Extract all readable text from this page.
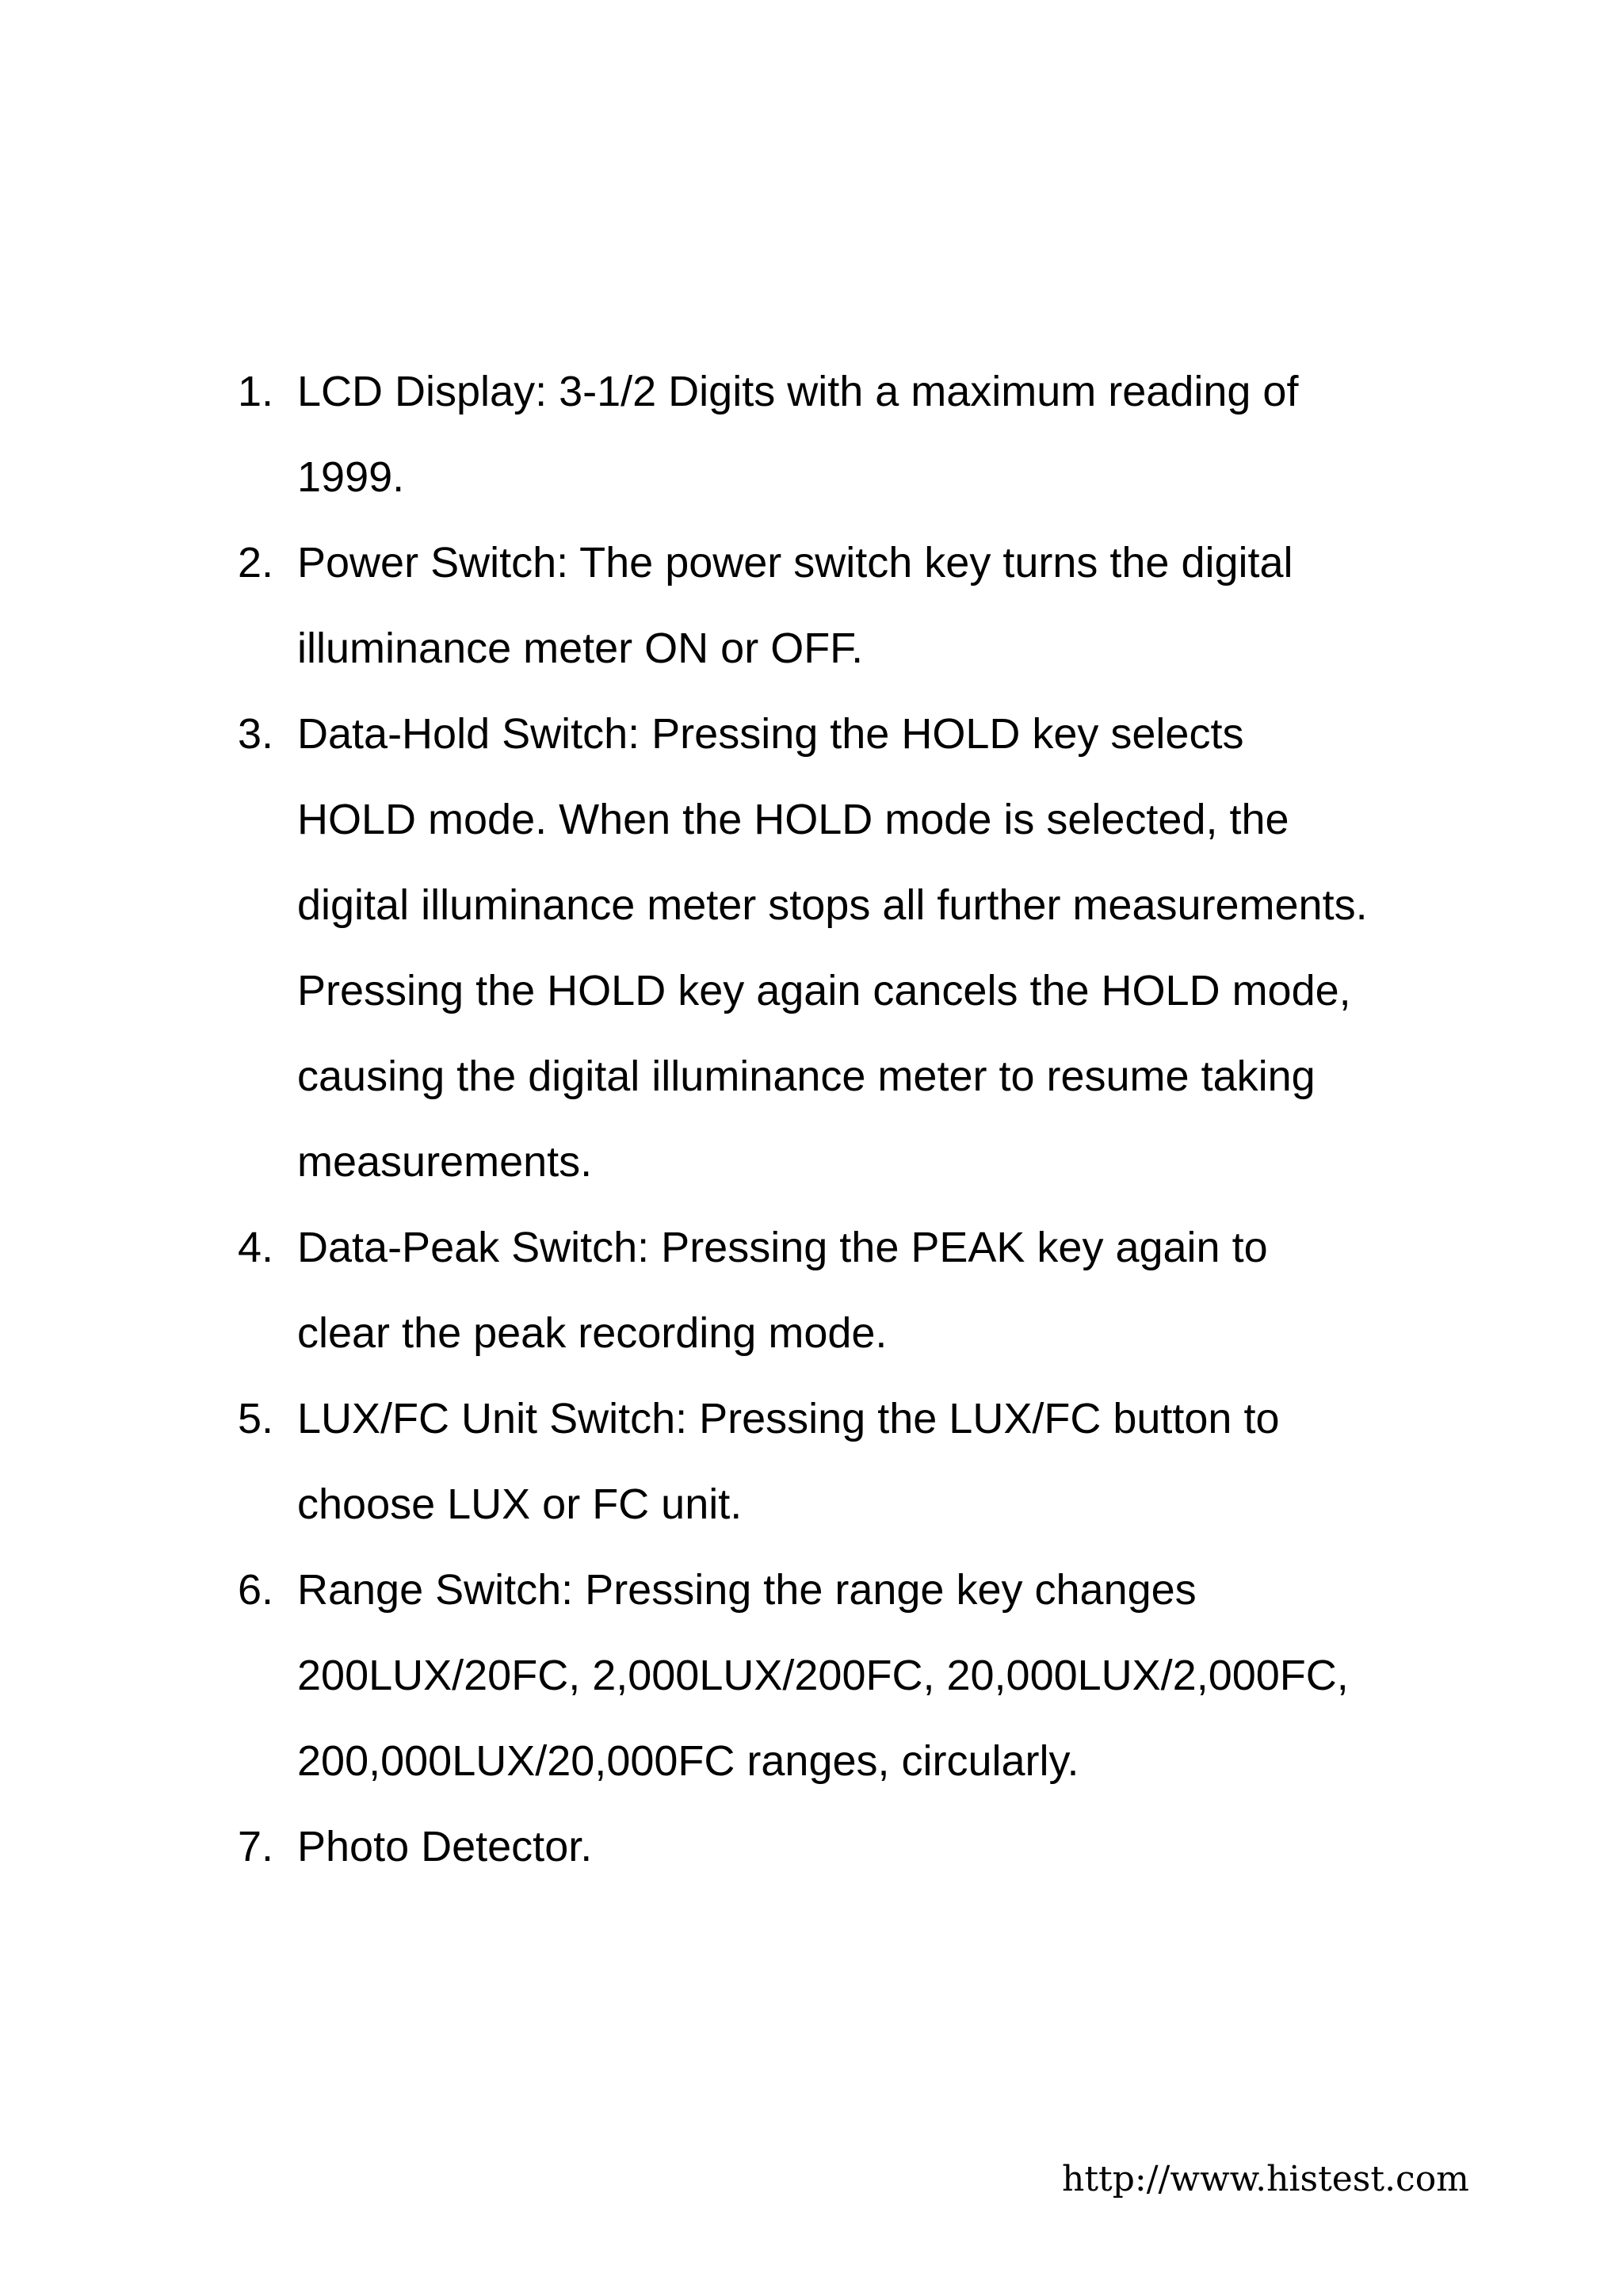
1. LCD Display: 3-1/2 Digits with a maximum reading of
1999.
2. Power Switch: The power switch key turns the digital
illuminance meter ON or OFF.
3. Data-Hold Switch: Pressing the HOLD key selects
HOLD mode. When the HOLD mode is selected, the
digital illuminance meter stops all further measurements.
Pressing the HOLD key again cancels the HOLD mode,
causing the digital illuminance meter to resume taking
measurements.
4. Data-Peak Switch: Pressing the PEAK key again to
clear the peak recording mode.
5. LUX/FC Unit Switch: Pressing the LUX/FC button to
choose LUX or FC unit.
6. Range Switch: Pressing the range key changes
200LUX/20FC, 2,000LUX/200FC, 20,000LUX/2,000FC,
200,000LUX/20,000FC ranges, circularly.
7. Photo Detector.
http://www.histest.com
